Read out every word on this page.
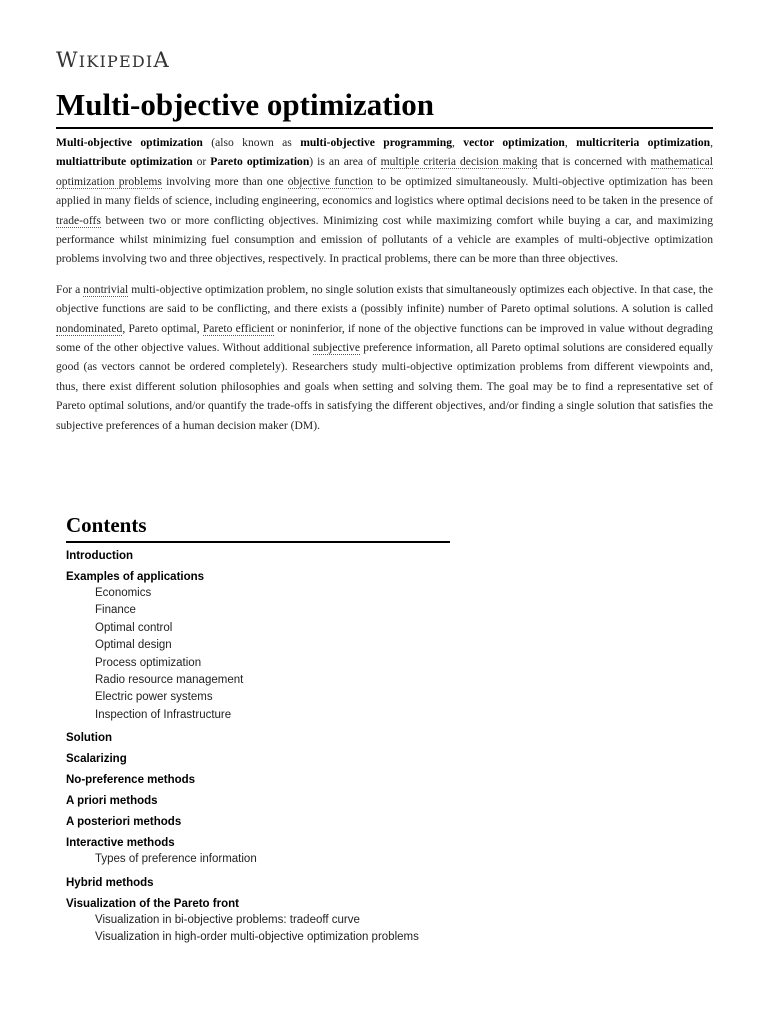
WIKIPEDIA
Multi-objective optimization

Multi-objective optimization (also known as multi-objective programming, vector optimization, multicriteria optimization, multiattribute optimization or Pareto optimization) is an area of multiple criteria decision making that is concerned with mathematical optimization problems involving more than one objective function to be optimized simultaneously. Multi-objective optimization has been applied in many fields of science, including engineering, economics and logistics where optimal decisions need to be taken in the presence of trade-offs between two or more conflicting objectives. Minimizing cost while maximizing comfort while buying a car, and maximizing performance whilst minimizing fuel consumption and emission of pollutants of a vehicle are examples of multi-objective optimization problems involving two and three objectives, respectively. In practical problems, there can be more than three objectives.

For a nontrivial multi-objective optimization problem, no single solution exists that simultaneously optimizes each objective. In that case, the objective functions are said to be conflicting, and there exists a (possibly infinite) number of Pareto optimal solutions. A solution is called nondominated, Pareto optimal, Pareto efficient or noninferior, if none of the objective functions can be improved in value without degrading some of the other objective values. Without additional subjective preference information, all Pareto optimal solutions are considered equally good (as vectors cannot be ordered completely). Researchers study multi-objective optimization problems from different viewpoints and, thus, there exist different solution philosophies and goals when setting and solving them. The goal may be to find a representative set of Pareto optimal solutions, and/or quantify the trade-offs in satisfying the different objectives, and/or finding a single solution that satisfies the subjective preferences of a human decision maker (DM).

Contents
Introduction
Examples of applications
Economics
Finance
Optimal control
Optimal design
Process optimization
Radio resource management
Electric power systems
Inspection of Infrastructure
Solution
Scalarizing
No-preference methods
A priori methods
A posteriori methods
Interactive methods
Types of preference information
Hybrid methods
Visualization of the Pareto front
Visualization in bi-objective problems: tradeoff curve
Visualization in high-order multi-objective optimization problems
